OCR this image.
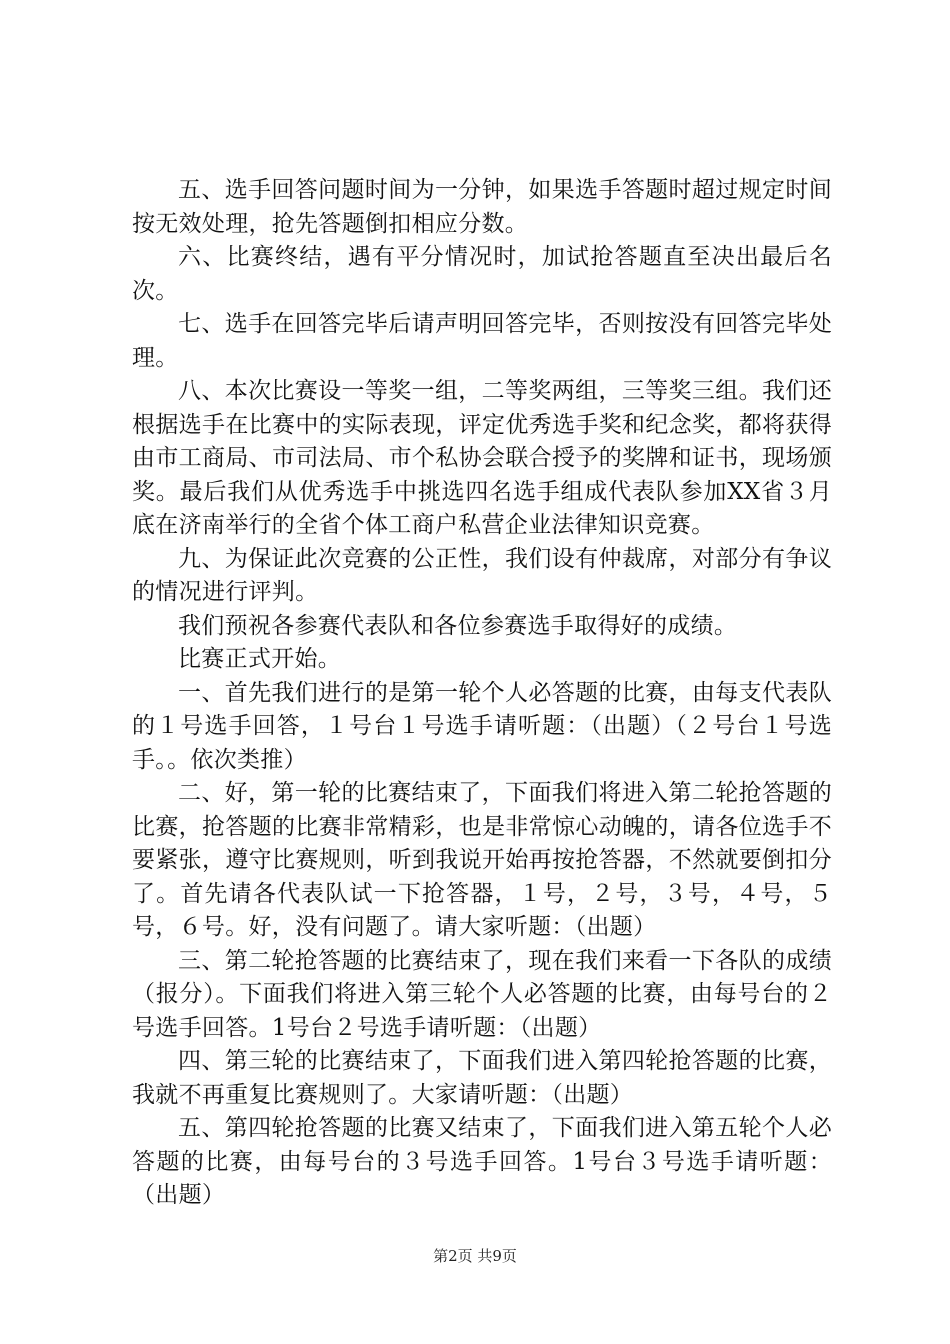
五、选手回答问题时间为一分钟，如果选手答题时超过规定时间按无效处理，抢先答题倒扣相应分数。

六、比赛终结，遇有平分情况时，加试抢答题直至决出最后名次。

七、选手在回答完毕后请声明回答完毕，否则按没有回答完毕处理。

八、本次比赛设一等奖一组，二等奖两组，三等奖三组。我们还根据选手在比赛中的实际表现，评定优秀选手奖和纪念奖，都将获得由市工商局、市司法局、市个私协会联合授予的奖牌和证书，现场颁奖。最后我们从优秀选手中挑选四名选手组成代表队参加XX省３月底在济南举行的全省个体工商户私营企业法律知识竞赛。

九、为保证此次竞赛的公正性，我们设有仲裁席，对部分有争议的情况进行评判。

我们预祝各参赛代表队和各位参赛选手取得好的成绩。

比赛正式开始。

一、首先我们进行的是第一轮个人必答题的比赛，由每支代表队的１号选手回答，１号台１号选手请听题：（出题）（２号台１号选手。。依次类推）

二、好，第一轮的比赛结束了，下面我们将进入第二轮抢答题的比赛，抢答题的比赛非常精彩，也是非常惊心动魄的，请各位选手不要紧张，遵守比赛规则，听到我说开始再按抢答器，不然就要倒扣分了。首先请各代表队试一下抢答器，１号，２号，３号，４号，５号，６号。好，没有问题了。请大家听题：（出题）

三、第二轮抢答题的比赛结束了，现在我们来看一下各队的成绩（报分）。下面我们将进入第三轮个人必答题的比赛，由每号台的２号选手回答。1号台２号选手请听题：（出题）

四、第三轮的比赛结束了，下面我们进入第四轮抢答题的比赛，我就不再重复比赛规则了。大家请听题：（出题）

五、第四轮抢答题的比赛又结束了，下面我们进入第五轮个人必答题的比赛，由每号台的３号选手回答。1号台３号选手请听题：（出题）

第2页 共9页
